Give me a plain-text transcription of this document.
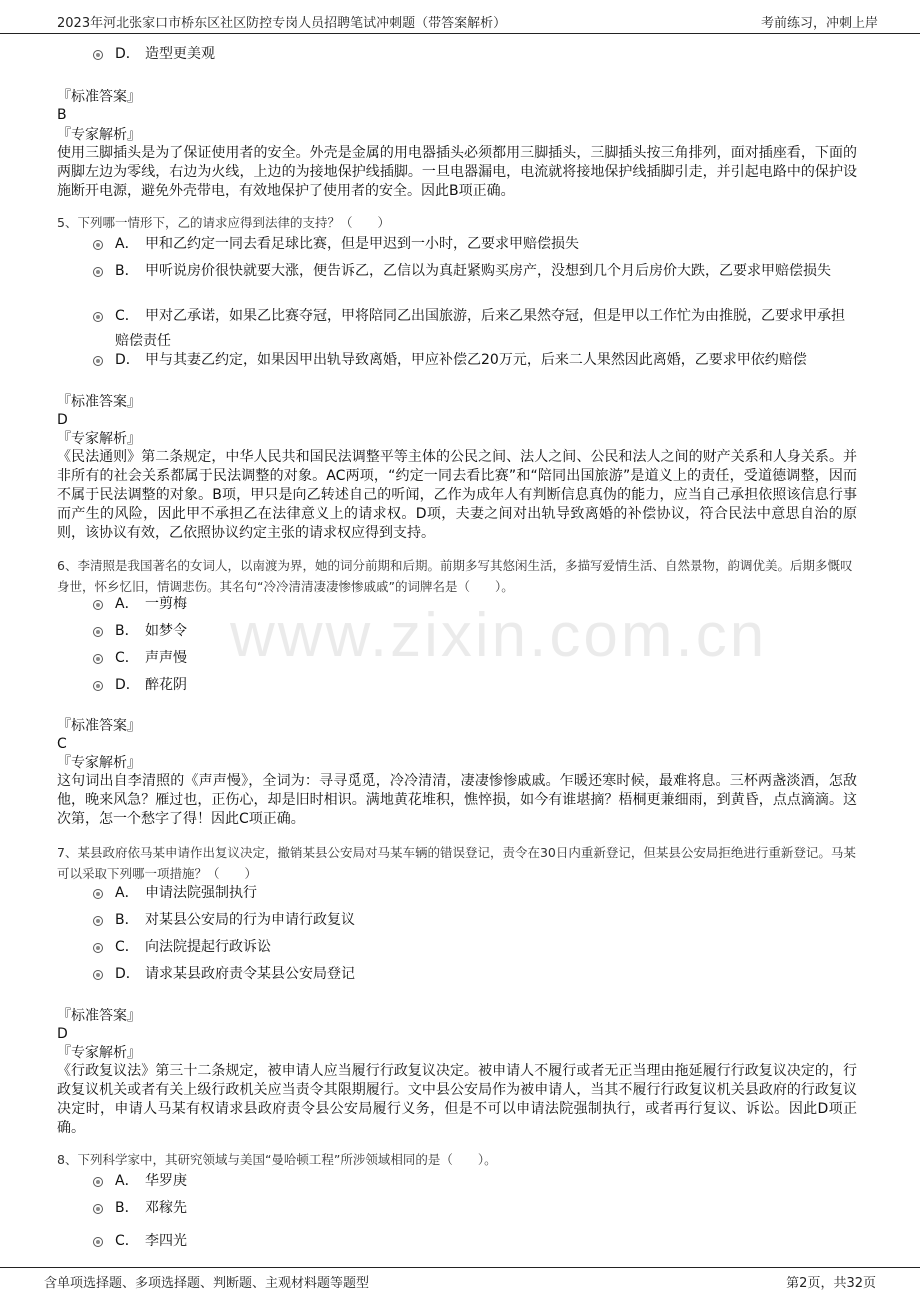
2023年河北张家口市桥东区社区防控专岗人员招聘笔试冲刺题（带答案解析）	考前练习，冲刺上岸
www.zixin.com.cn
D． 造型更美观
『标准答案』
B
『专家解析』
使用三脚插头是为了保证使用者的安全。外壳是金属的用电器插头必须都用三脚插头，三脚插头按三角排列，面对插座看，下面的两脚左边为零线，右边为火线，上边的为接地保护线插脚。一旦电器漏电，电流就将接地保护线插脚引走，并引起电路中的保护设施断开电源，避免外壳带电，有效地保护了使用者的安全。因此B项正确。
5、下列哪一情形下，乙的请求应得到法律的支持？（　　）
A． 甲和乙约定一同去看足球比赛，但是甲迟到一小时，乙要求甲赔偿损失
B． 甲听说房价很快就要大涨，便告诉乙，乙信以为真赶紧购买房产，没想到几个月后房价大跌，乙要求甲赔偿损失
C． 甲对乙承诺，如果乙比赛夺冠，甲将陪同乙出国旅游，后来乙果然夺冠，但是甲以工作忙为由推脱，乙要求甲承担赔偿责任
D． 甲与其妻乙约定，如果因甲出轨导致离婚，甲应补偿乙20万元，后来二人果然因此离婚，乙要求甲依约赔偿
『标准答案』
D
『专家解析』
《民法通则》第二条规定，中华人民共和国民法调整平等主体的公民之间、法人之间、公民和法人之间的财产关系和人身关系。并非所有的社会关系都属于民法调整的对象。AC两项，“约定一同去看比赛”和“陪同出国旅游”是道义上的责任，受道德调整，因而不属于民法调整的对象。B项，甲只是向乙转述自己的听闻，乙作为成年人有判断信息真伪的能力，应当自己承担依照该信息行事而产生的风险，因此甲不承担乙在法律意义上的请求权。D项，夫妻之间对出轨导致离婚的补偿协议，符合民法中意思自治的原则，该协议有效，乙依照协议约定主张的请求权应得到支持。
6、李清照是我国著名的女词人，以南渡为界，她的词分前期和后期。前期多写其悠闲生活，多描写爱情生活、自然景物，韵调优美。后期多慨叹身世，怀乡忆旧，情调悲伤。其名句“冷冷清清凄凄惨惨戚戚”的词牌名是（　　）。
A． 一剪梅
B． 如梦令
C． 声声慢
D． 醉花阴
『标准答案』
C
『专家解析』
这句词出自李清照的《声声慢》，全词为：寻寻觅觅，冷冷清清，凄凄惨惨戚戚。乍暖还寒时候，最难将息。三杯两盏淡酒，怎敌他，晚来风急？雁过也，正伤心，却是旧时相识。满地黄花堆积，憔悴损，如今有谁堪摘？梧桐更兼细雨，到黄昏，点点滴滴。这次第，怎一个愁字了得！因此C项正确。
7、某县政府依马某申请作出复议决定，撤销某县公安局对马某车辆的错误登记，责令在30日内重新登记，但某县公安局拒绝进行重新登记。马某可以采取下列哪一项措施？（　　）
A． 申请法院强制执行
B． 对某县公安局的行为申请行政复议
C． 向法院提起行政诉讼
D． 请求某县政府责令某县公安局登记
『标准答案』
D
『专家解析』
《行政复议法》第三十二条规定，被申请人应当履行行政复议决定。被申请人不履行或者无正当理由拖延履行行政复议决定的，行政复议机关或者有关上级行政机关应当责令其限期履行。文中县公安局作为被申请人，当其不履行行政复议机关县政府的行政复议决定时，申请人马某有权请求县政府责令县公安局履行义务，但是不可以申请法院强制执行，或者再行复议、诉讼。因此D项正确。
8、下列科学家中，其研究领域与美国“曼哈顿工程”所涉领域相同的是（　　）。
A． 华罗庚
B． 邓稼先
C． 李四光
含单项选择题、多项选择题、判断题、主观材料题等题型	第2页，共32页
